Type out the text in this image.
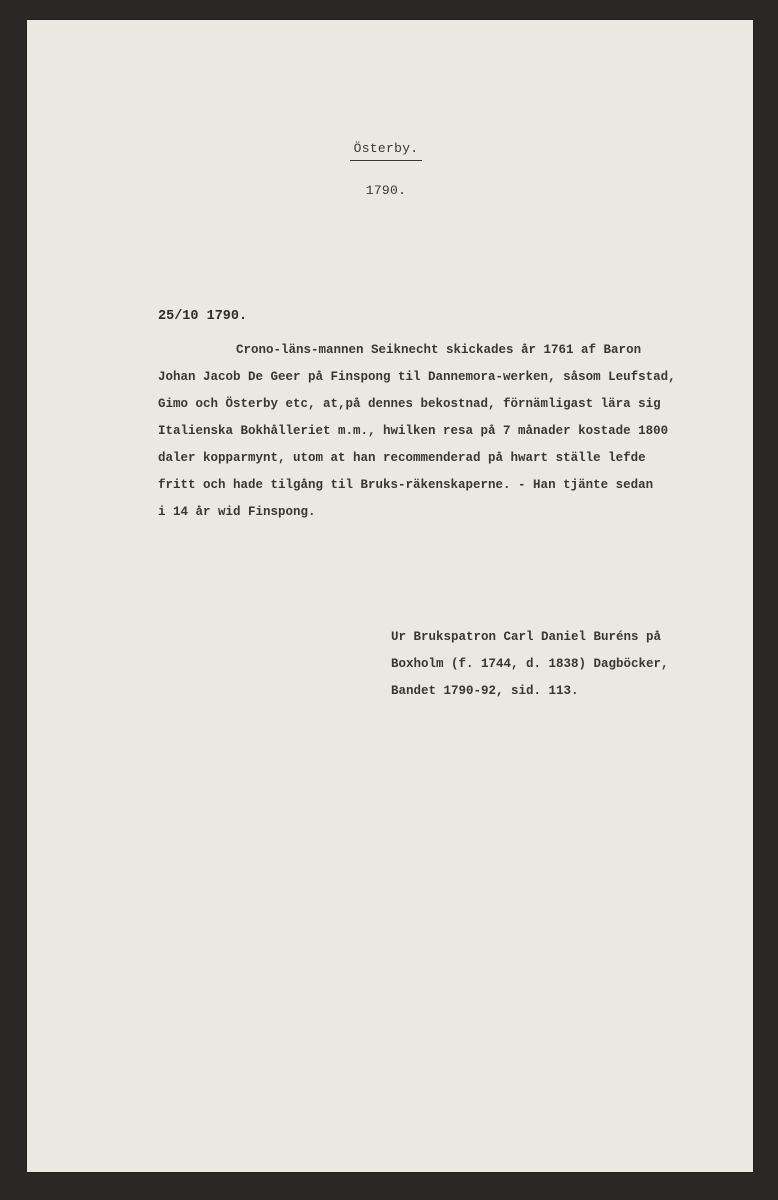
Österby.
1790.
25/10 1790.
Crono-läns-mannen Seiknecht skickades år 1761 af Baron
Johan Jacob De Geer på Finspong til Dannemora-werken, såsom Leufstad,
Gimo och Österby etc, at,på dennes bekostnad, förnämligast lära sig
Italienska Bokhålleriet m.m., hwilken resa på 7 månader kostade 1800
daler kopparmynt, utom at han recommenderad på hwart ställe lefde
fritt och hade tilgång til Bruks-räkenskaperne. - Han tjänte sedan
i 14 år wid Finspong.
Ur Brukspatron Carl Daniel Buréns på
Boxholm (f. 1744, d. 1838) Dagböcker,
Bandet 1790-92, sid. 113.
